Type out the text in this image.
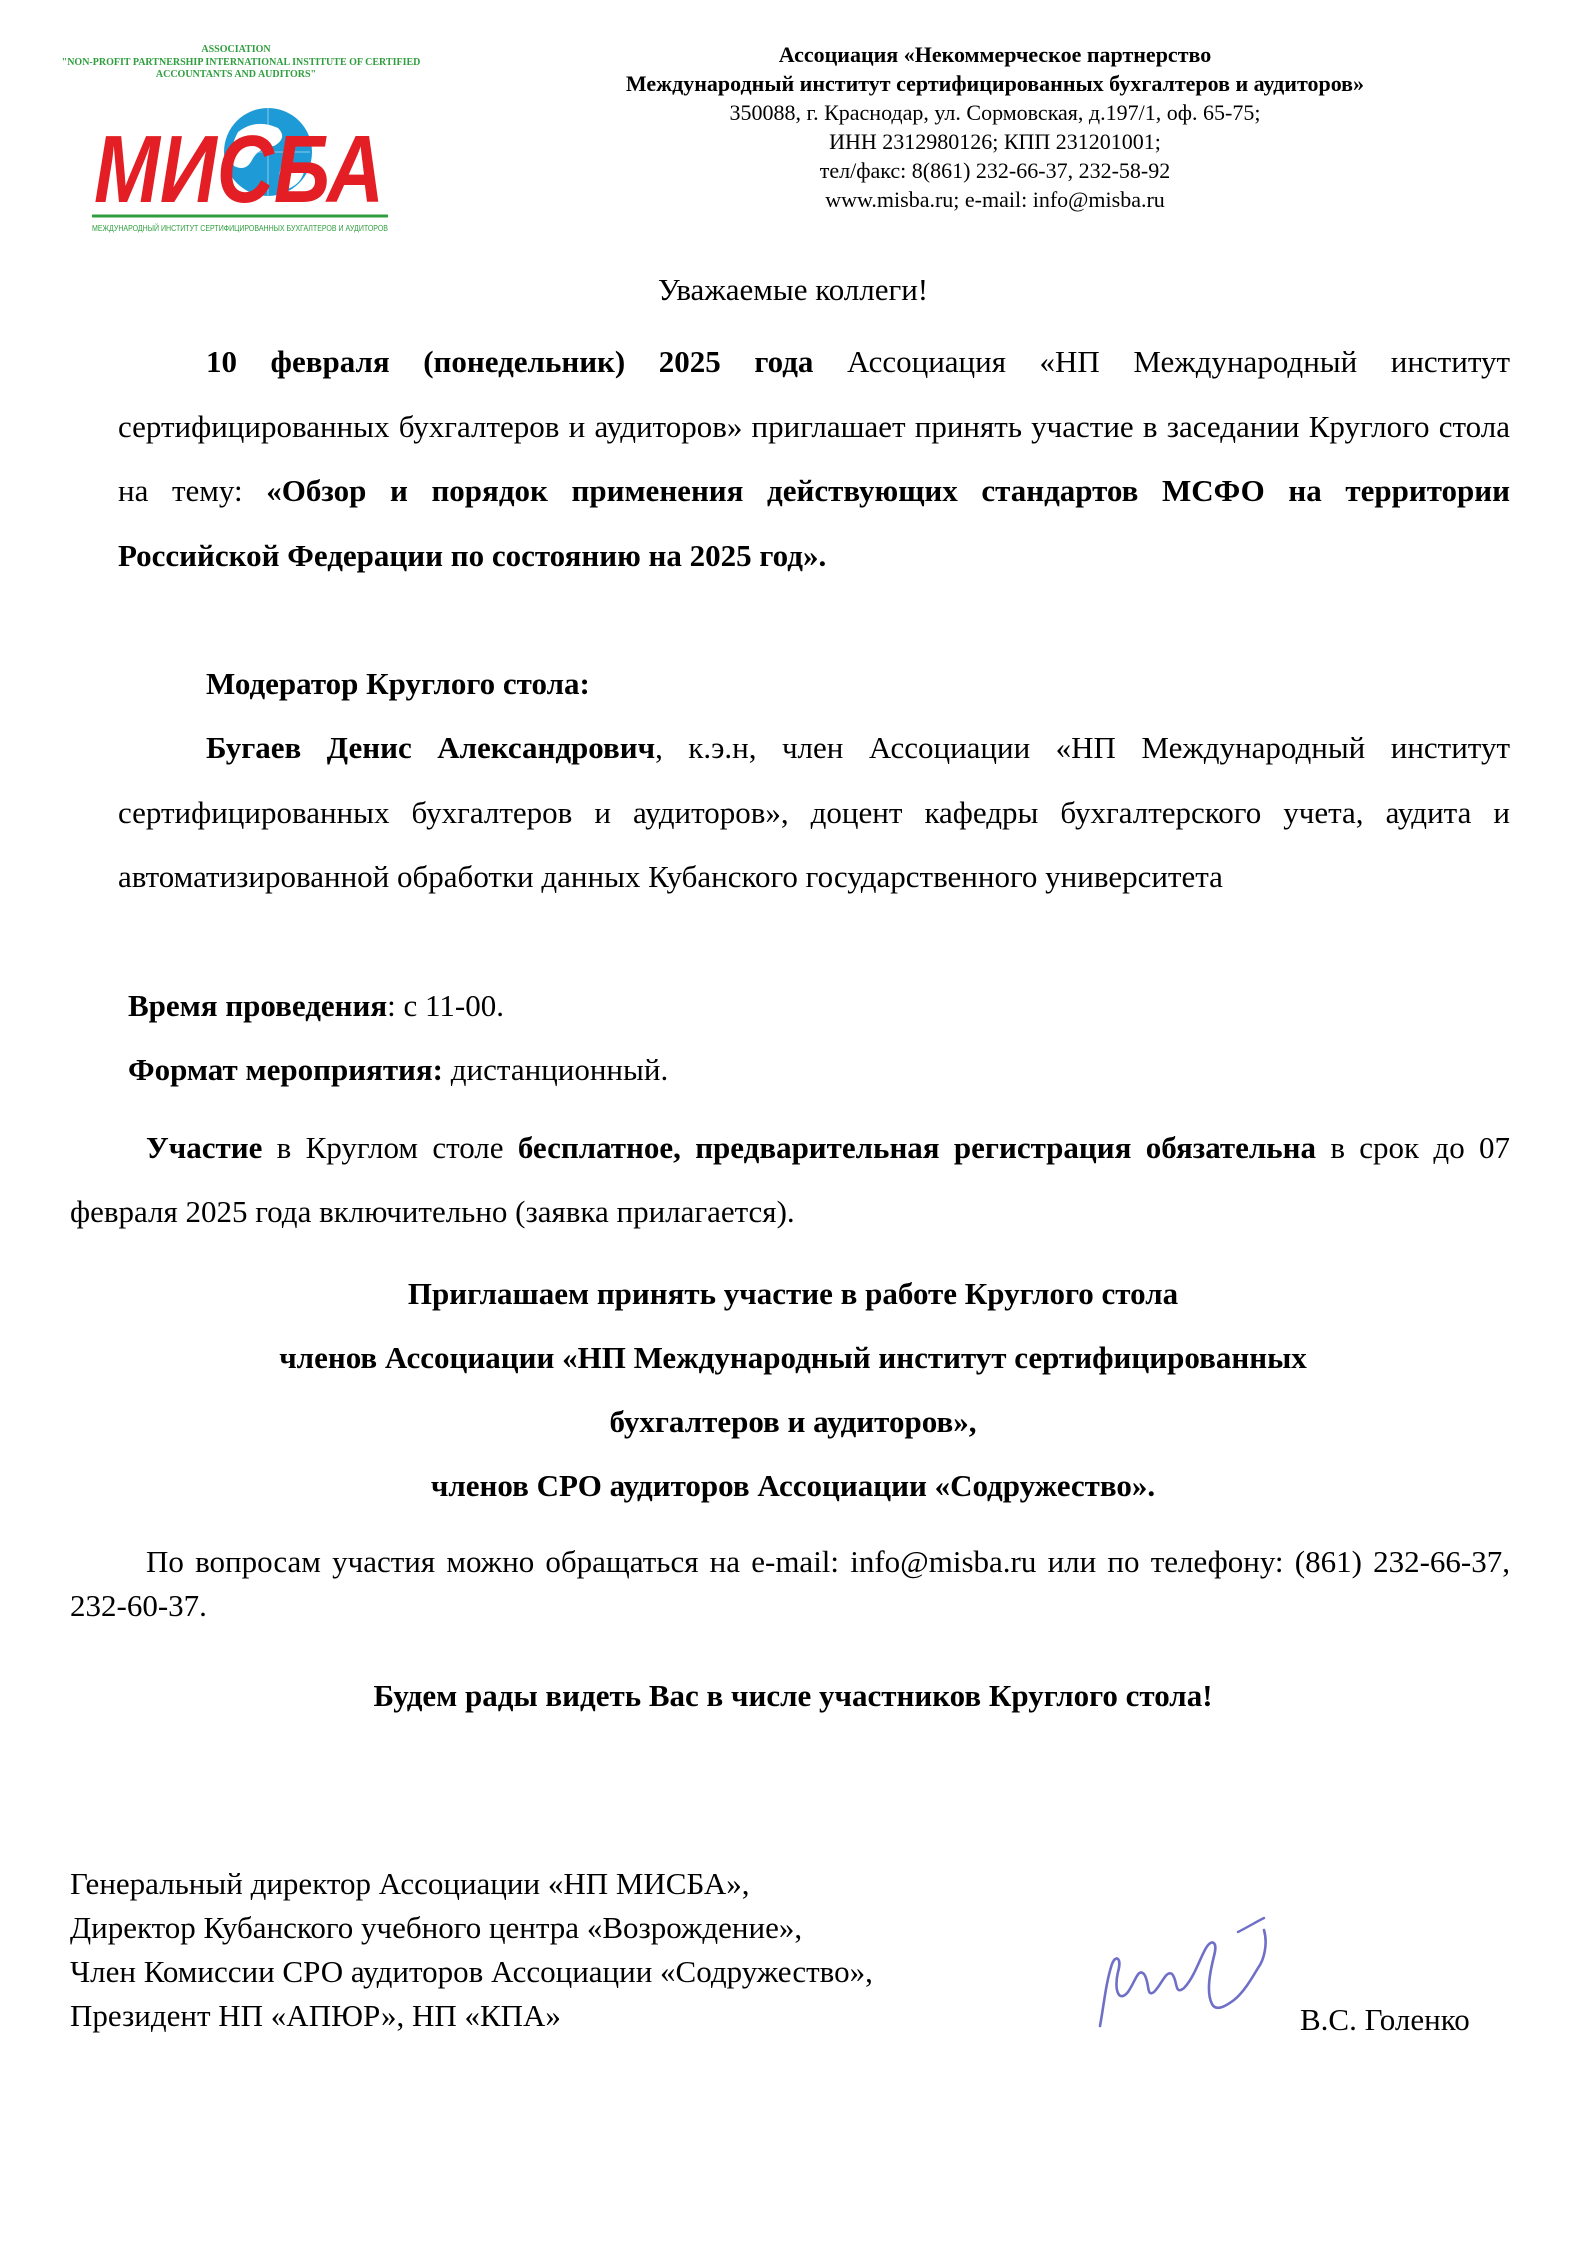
ASSOCIATION
"NON-PROFIT PARTNERSHIP INTERNATIONAL INSTITUTE OF CERTIFIED
ACCOUNTANTS AND AUDITORS"
МИСБА
МЕЖДУНАРОДНЫЙ ИНСТИТУТ СЕРТИФИЦИРОВАННЫХ БУХГАЛТЕРОВ И АУДИТОРОВ
Ассоциация «Некоммерческое партнерство
Международный институт сертифицированных бухгалтеров и аудиторов»
350088, г. Краснодар, ул. Сормовская, д.197/1, оф. 65-75;
ИНН 2312980126; КПП 231201001;
тел/факс: 8(861) 232-66-37, 232-58-92
www.misba.ru; e-mail: info@misba.ru
Уважаемые коллеги!
10 февраля (понедельник) 2025 года Ассоциация «НП Международный институт сертифицированных бухгалтеров и аудиторов» приглашает принять участие в заседании Круглого стола на тему: «Обзор и порядок применения действующих стандартов МСФО на территории Российской Федерации по состоянию на 2025 год».
Модератор Круглого стола:
Бугаев Денис Александрович, к.э.н, член Ассоциации «НП Международный институт сертифицированных бухгалтеров и аудиторов», доцент кафедры бухгалтерского учета, аудита и автоматизированной обработки данных Кубанского государственного университета
Время проведения: с 11-00.
Формат мероприятия: дистанционный.
Участие в Круглом столе бесплатное, предварительная регистрация обязательна в срок до 07 февраля 2025 года включительно (заявка прилагается).
Приглашаем принять участие в работе Круглого стола
членов Ассоциации «НП Международный институт сертифицированных
бухгалтеров и аудиторов»,
членов СРО аудиторов Ассоциации «Содружество».
По вопросам участия можно обращаться на e-mail: info@misba.ru или по телефону: (861) 232-66-37, 232-60-37.
Будем рады видеть Вас в числе участников Круглого стола!
Генеральный директор Ассоциации «НП МИСБА»,
Директор Кубанского учебного центра «Возрождение»,
Член Комиссии СРО аудиторов Ассоциации «Содружество»,
Президент НП «АПЮР», НП «КПА»	В.С. Голенко
